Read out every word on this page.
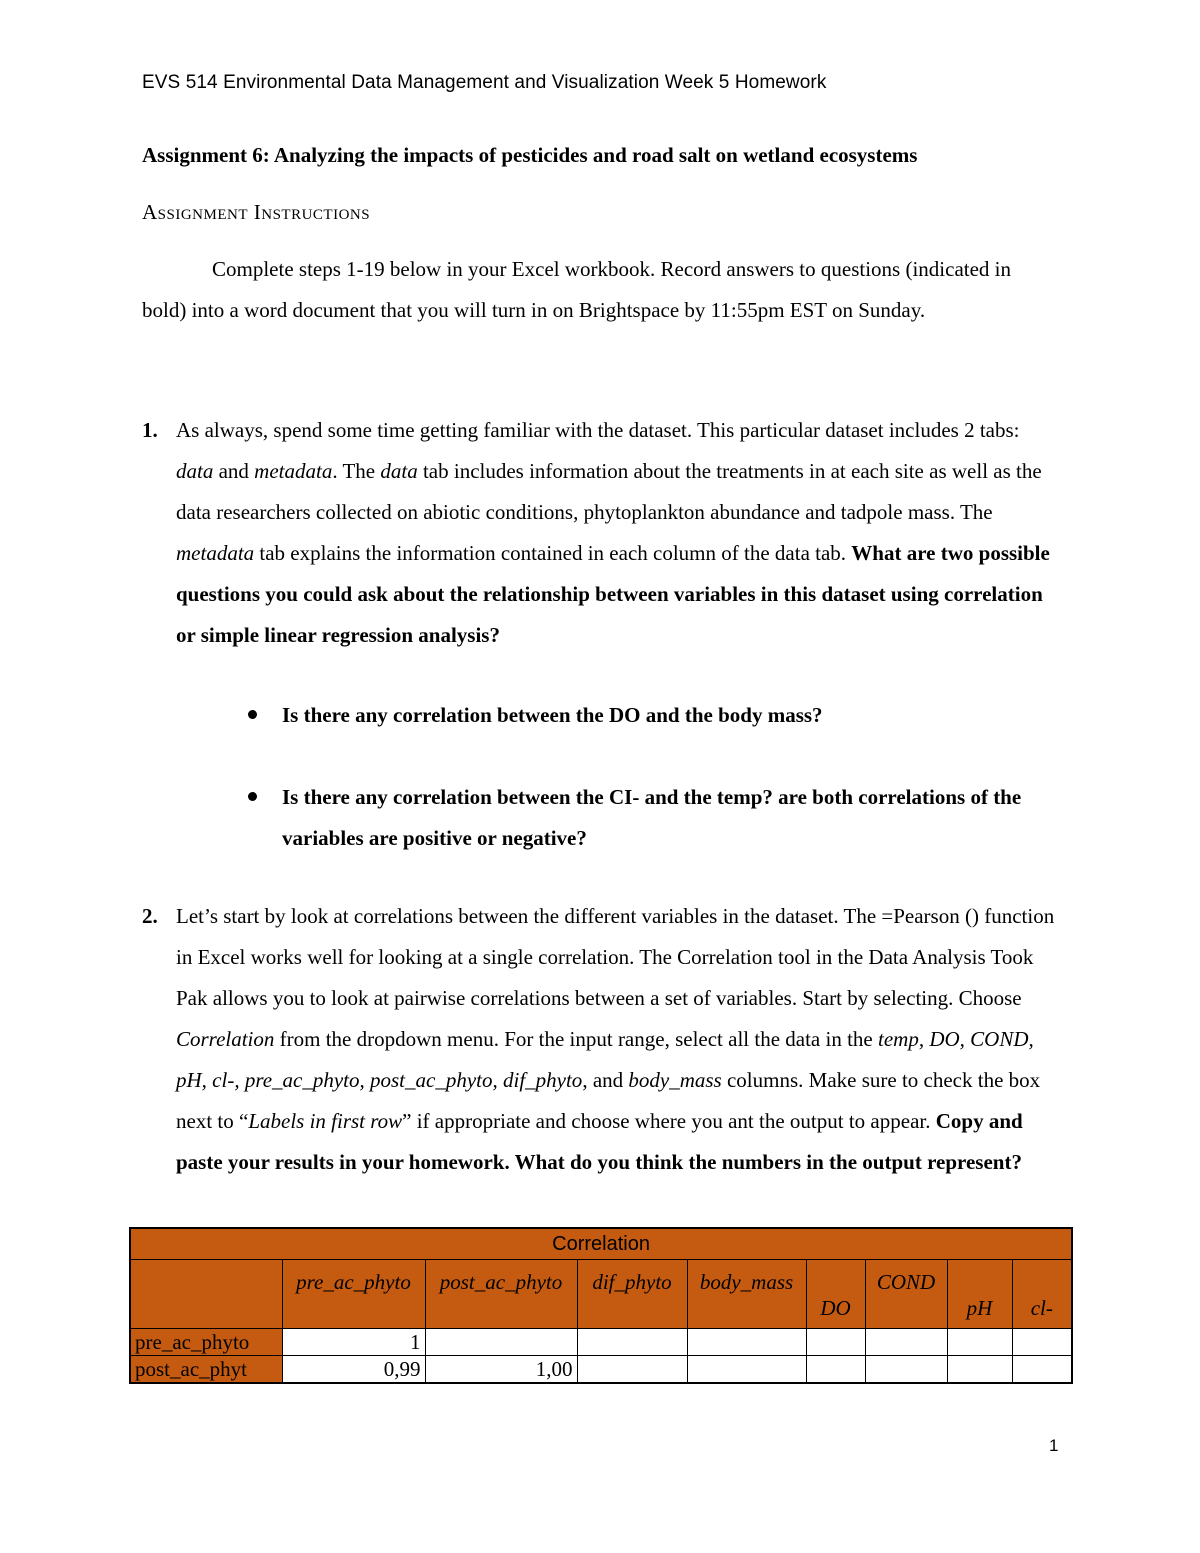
EVS 514 Environmental Data Management and Visualization Week 5 Homework
Assignment 6: Analyzing the impacts of pesticides and road salt on wetland ecosystems
Assignment Instructions

Complete steps 1-19 below in your Excel workbook. Record answers to questions (indicated in bold) into a word document that you will turn in on Brightspace by 11:55pm EST on Sunday.

1. As always, spend some time getting familiar with the dataset. This particular dataset includes 2 tabs: data and metadata. The data tab includes information about the treatments in at each site as well as the data researchers collected on abiotic conditions, phytoplankton abundance and tadpole mass. The metadata tab explains the information contained in each column of the data tab. What are two possible questions you could ask about the relationship between variables in this dataset using correlation or simple linear regression analysis?
Is there any correlation between the DO and the body mass?
Is there any correlation between the CI- and the temp? are both correlations of the variables are positive or negative?
2. Let’s start by look at correlations between the different variables in the dataset. The =Pearson () function in Excel works well for looking at a single correlation. The Correlation tool in the Data Analysis Took Pak allows you to look at pairwise correlations between a set of variables. Start by selecting. Choose Correlation from the dropdown menu. For the input range, select all the data in the temp, DO, COND, pH, cl-, pre_ac_phyto, post_ac_phyto, dif_phyto, and body_mass columns. Make sure to check the box next to “Labels in first row” if appropriate and choose where you ant the output to appear. Copy and paste your results in your homework. What do you think the numbers in the output represent?
Correlation								
	pre_ac_phyto	post_ac_phyto	dif_phyto	body_mass	DO	COND	pH	cl-
pre_ac_phyto	1							
post_ac_phyt	0,99	1,00						
1
